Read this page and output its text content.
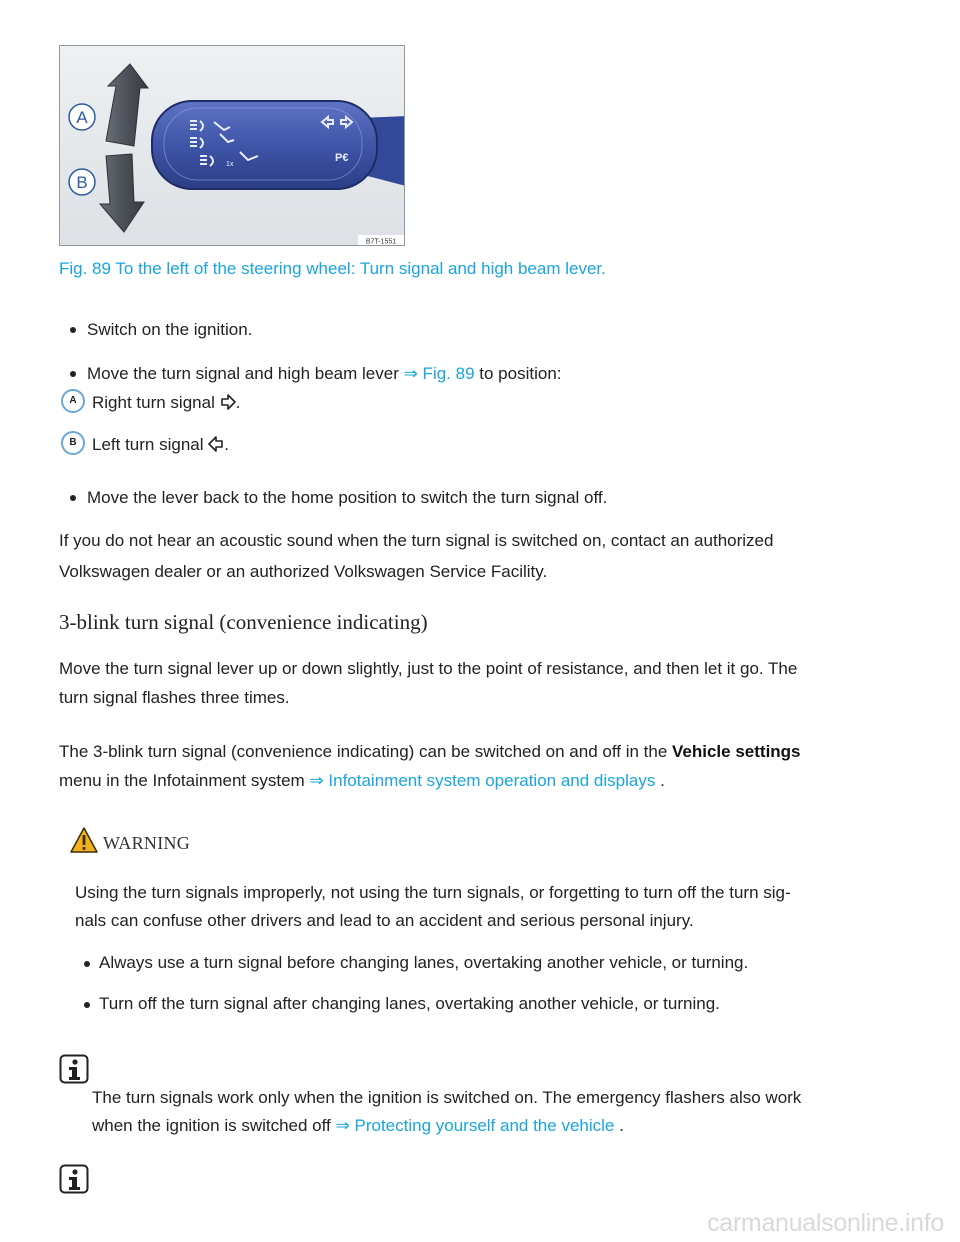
1x
P€
A
B
B7T-1551
Fig. 89 To the left of the steering wheel: Turn signal and high beam lever.
Switch on the ignition.
Move the turn signal and high beam lever ⇒ Fig. 89 to position:
A Right turn signal .
B Left turn signal .
Move the lever back to the home position to switch the turn signal off.
If you do not hear an acoustic sound when the turn signal is switched on, contact an authorized
Volkswagen dealer or an authorized Volkswagen Service Facility.
3-blink turn signal (convenience indicating)
Move the turn signal lever up or down slightly, just to the point of resistance, and then let it go. The
turn signal flashes three times.
The 3-blink turn signal (convenience indicating) can be switched on and off in the Vehicle settings
menu in the Infotainment system ⇒ Infotainment system operation and displays .
WARNING
Using the turn signals improperly, not using the turn signals, or forgetting to turn off the turn sig-
nals can confuse other drivers and lead to an accident and serious personal injury.
Always use a turn signal before changing lanes, overtaking another vehicle, or turning.
Turn off the turn signal after changing lanes, overtaking another vehicle, or turning.
The turn signals work only when the ignition is switched on. The emergency flashers also work
when the ignition is switched off ⇒ Protecting yourself and the vehicle .
carmanualsonline.info
